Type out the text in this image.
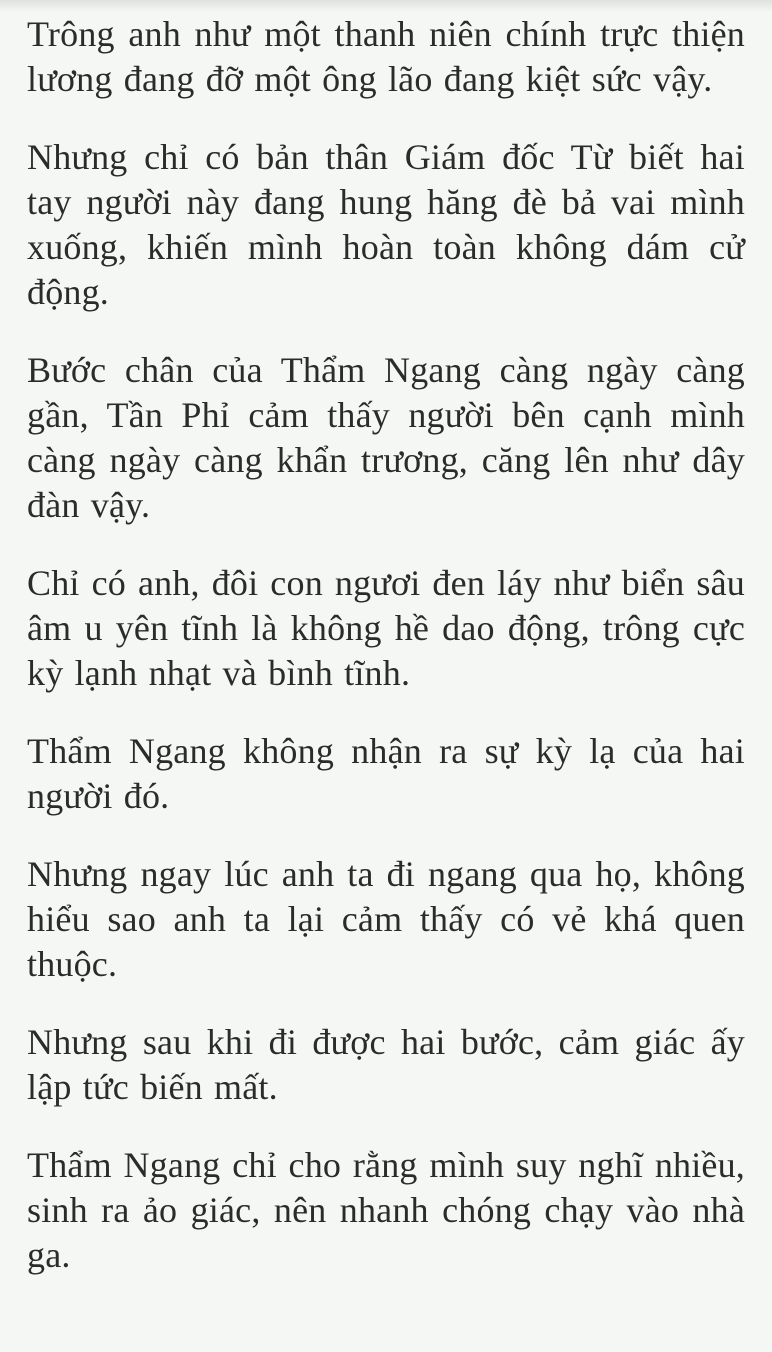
Trông anh như một thanh niên chính trực thiện lương đang đỡ một ông lão đang kiệt sức vậy.

Nhưng chỉ có bản thân Giám đốc Từ biết hai tay người này đang hung hăng đè bả vai mình xuống, khiến mình hoàn toàn không dám cử động.

Bước chân của Thẩm Ngang càng ngày càng gần, Tần Phỉ cảm thấy người bên cạnh mình càng ngày càng khẩn trương, căng lên như dây đàn vậy.

Chỉ có anh, đôi con ngươi đen láy như biển sâu âm u yên tĩnh là không hề dao động, trông cực kỳ lạnh nhạt và bình tĩnh.

Thẩm Ngang không nhận ra sự kỳ lạ của hai người đó.

Nhưng ngay lúc anh ta đi ngang qua họ, không hiểu sao anh ta lại cảm thấy có vẻ khá quen thuộc.

Nhưng sau khi đi được hai bước, cảm giác ấy lập tức biến mất.

Thẩm Ngang chỉ cho rằng mình suy nghĩ nhiều, sinh ra ảo giác, nên nhanh chóng chạy vào nhà ga.
